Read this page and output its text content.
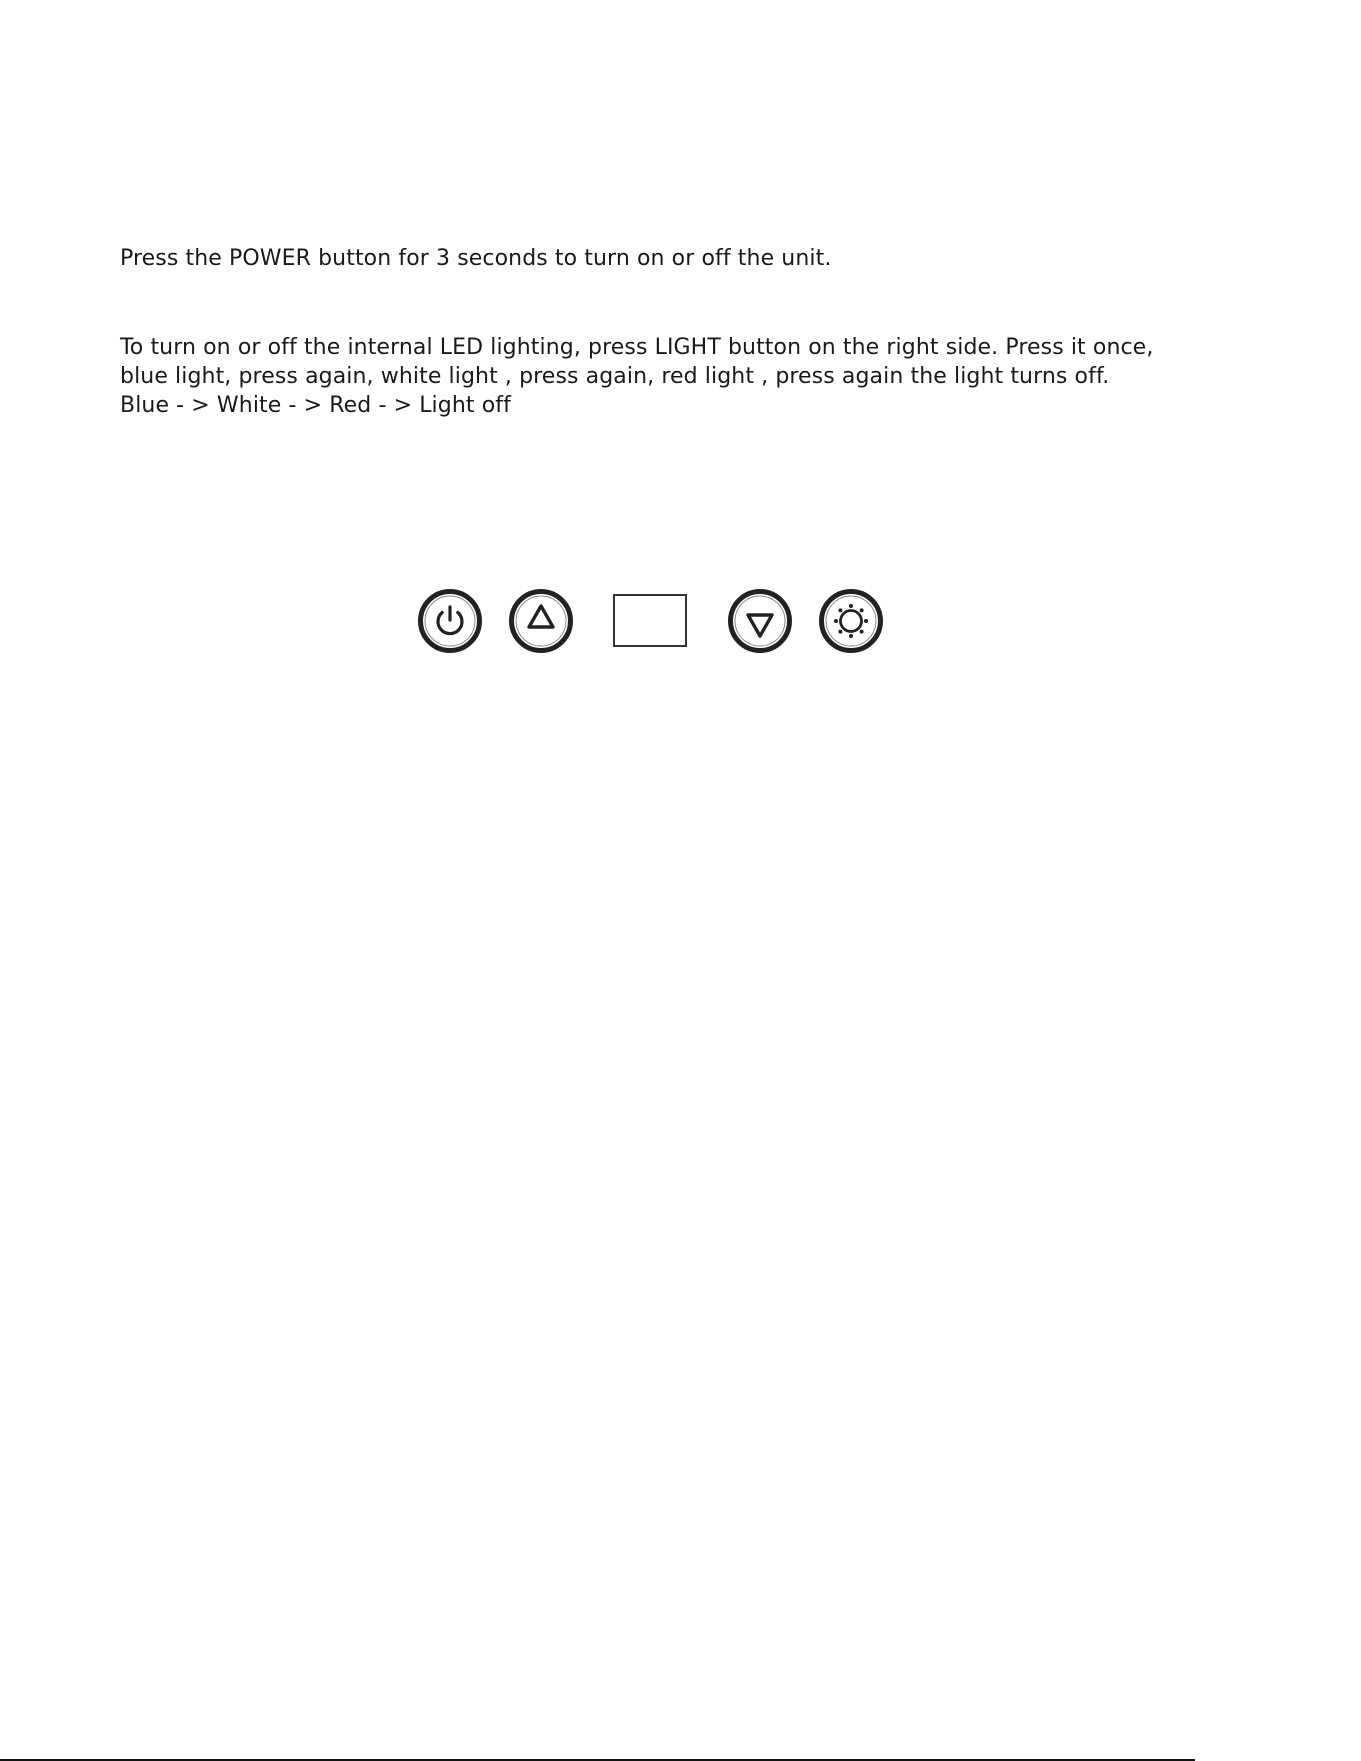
Press the POWER button for 3 seconds to turn on or off the unit.

To turn on or off the internal LED lighting, press LIGHT button on the right side. Press it once,
blue light, press again, white light , press again, red light , press again the light turns off.
Blue - > White - > Red - > Light off
